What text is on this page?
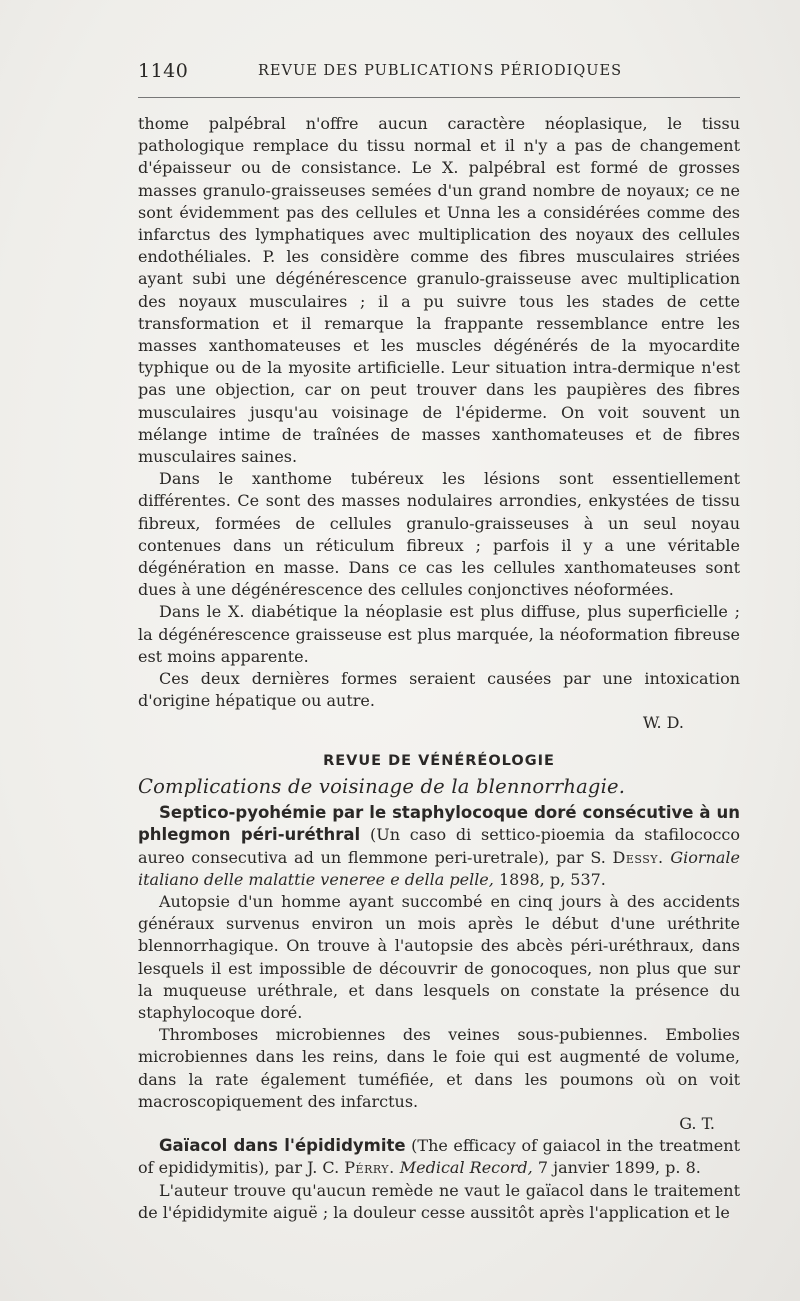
1140	REVUE DES PUBLICATIONS PÉRIODIQUES

thome palpébral n'offre aucun caractère néoplasique, le tissu pathologique remplace du tissu normal et il n'y a pas de changement d'épaisseur ou de consistance. Le X. palpébral est formé de grosses masses granulo-graisseuses semées d'un grand nombre de noyaux; ce ne sont évidemment pas des cellules et Unna les a considérées comme des infarctus des lymphatiques avec multiplication des noyaux des cellules endothéliales. P. les considère comme des fibres musculaires striées ayant subi une dégénérescence granulo-graisseuse avec multiplication des noyaux musculaires ; il a pu suivre tous les stades de cette transformation et il remarque la frappante ressemblance entre les masses xanthomateuses et les muscles dégénérés de la myocardite typhique ou de la myosite artificielle. Leur situation intra-dermique n'est pas une objection, car on peut trouver dans les paupières des fibres musculaires jusqu'au voisinage de l'épiderme. On voit souvent un mélange intime de traînées de masses xanthomateuses et de fibres musculaires saines.

Dans le xanthome tubéreux les lésions sont essentiellement différentes. Ce sont des masses nodulaires arrondies, enkystées de tissu fibreux, formées de cellules granulo-graisseuses à un seul noyau contenues dans un réticulum fibreux ; parfois il y a une véritable dégénération en masse. Dans ce cas les cellules xanthomateuses sont dues à une dégénérescence des cellules conjonctives néoformées.

Dans le X. diabétique la néoplasie est plus diffuse, plus superficielle ; la dégénérescence graisseuse est plus marquée, la néoformation fibreuse est moins apparente.

Ces deux dernières formes seraient causées par une intoxication d'origine hépatique ou autre.

W. D.

REVUE DE VÉNÉRÉOLOGIE

Complications de voisinage de la blennorrhagie.

Septico-pyohémie par le staphylocoque doré consécutive à un phlegmon péri-uréthral (Un caso di settico-pioemia da stafilococco aureo consecutiva ad un flemmone peri-uretrale), par S. Dessy. Giornale italiano delle malattie veneree e della pelle, 1898, p, 537.

Autopsie d'un homme ayant succombé en cinq jours à des accidents généraux survenus environ un mois après le début d'une uréthrite blennorrhagique. On trouve à l'autopsie des abcès péri-uréthraux, dans lesquels il est impossible de découvrir de gonocoques, non plus que sur la muqueuse uréthrale, et dans lesquels on constate la présence du staphylocoque doré.

Thromboses microbiennes des veines sous-pubiennes. Embolies microbiennes dans les reins, dans le foie qui est augmenté de volume, dans la rate également tuméfiée, et dans les poumons où on voit macroscopiquement des infarctus.

G. T.

Gaïacol dans l'épididymite (The efficacy of gaiacol in the treatment of epididymitis), par J. C. Pérry. Medical Record, 7 janvier 1899, p. 8.

L'auteur trouve qu'aucun remède ne vaut le gaïacol dans le traitement de l'épididymite aiguë ; la douleur cesse aussitôt après l'application et le
